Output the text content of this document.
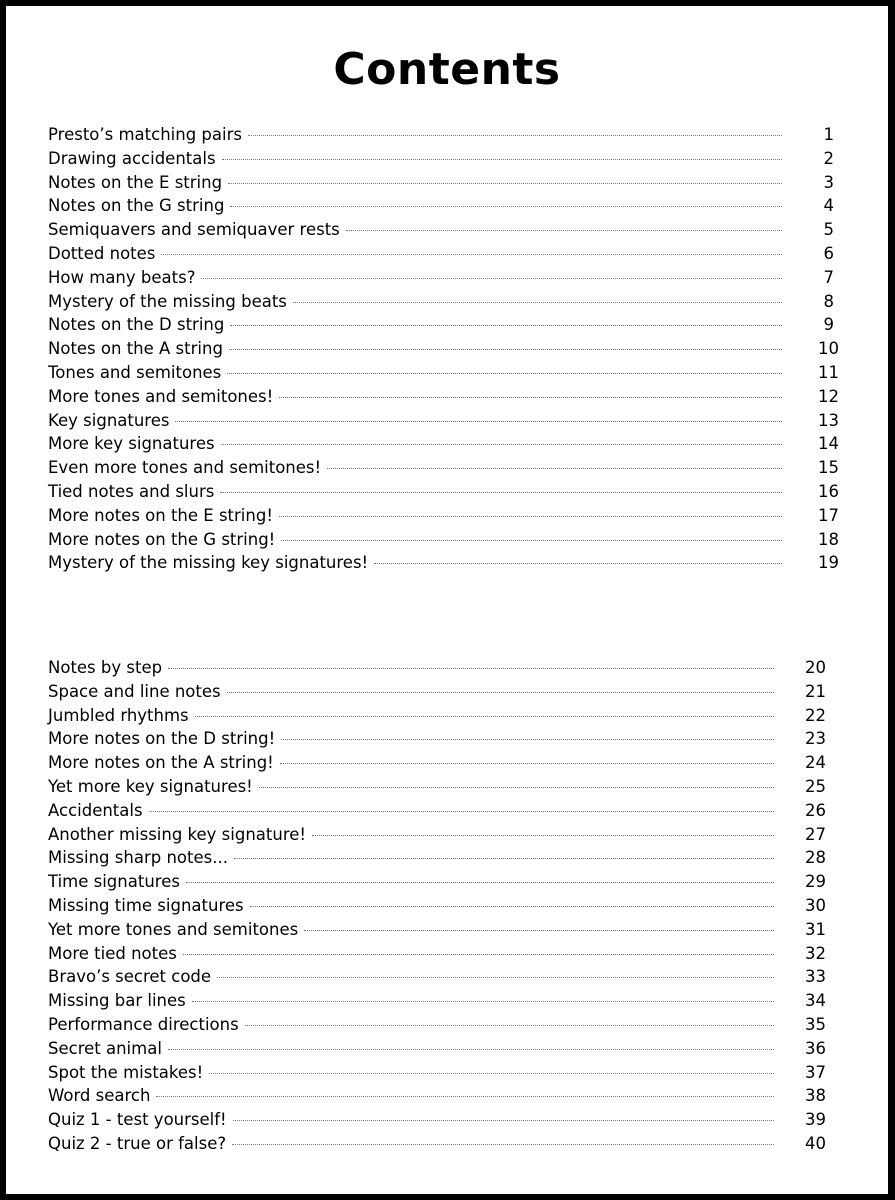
Contents
Presto’s matching pairs	1
Drawing accidentals	2
Notes on the E string	3
Notes on the G string	4
Semiquavers and semiquaver rests	5
Dotted notes	6
How many beats?	7
Mystery of the missing beats	8
Notes on the D string	9
Notes on the A string	10
Tones and semitones	11
More tones and semitones!	12
Key signatures	13
More key signatures	14
Even more tones and semitones!	15
Tied notes and slurs	16
More notes on the E string!	17
More notes on the G string!	18
Mystery of the missing key signatures!	19
Notes by step	20
Space and line notes	21
Jumbled rhythms	22
More notes on the D string!	23
More notes on the A string!	24
Yet more key signatures!	25
Accidentals	26
Another missing key signature!	27
Missing sharp notes...	28
Time signatures	29
Missing time signatures	30
Yet more tones and semitones	31
More tied notes	32
Bravo’s secret code	33
Missing bar lines	34
Performance directions	35
Secret animal	36
Spot the mistakes!	37
Word search	38
Quiz 1 - test yourself!	39
Quiz 2 - true or false?	40
